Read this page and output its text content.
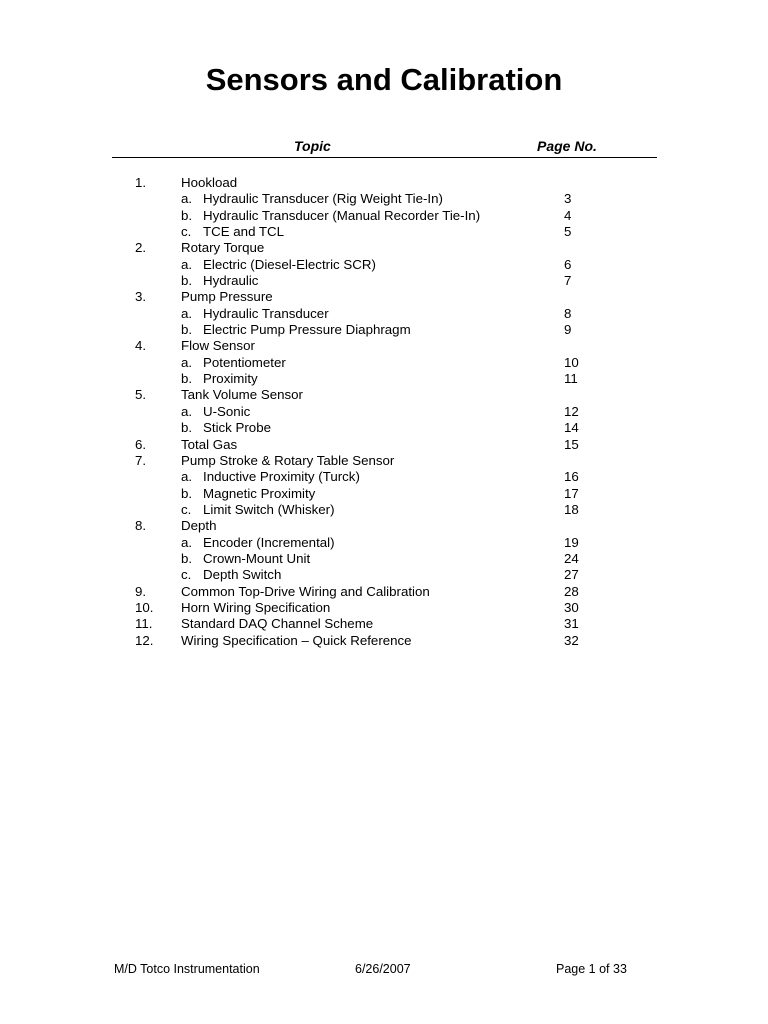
Sensors and Calibration
Topic	Page No.
1.	Hookload
a. Hydraulic Transducer (Rig Weight Tie-In)	3
b. Hydraulic Transducer (Manual Recorder Tie-In)	4
c. TCE and TCL	5
2.	Rotary Torque
a. Electric (Diesel-Electric SCR)	6
b. Hydraulic	7
3.	Pump Pressure
a. Hydraulic Transducer	8
b. Electric Pump Pressure Diaphragm	9
4.	Flow Sensor
a. Potentiometer	10
b. Proximity	11
5.	Tank Volume Sensor
a. U-Sonic	12
b. Stick Probe	14
6.	Total Gas	15
7.	Pump Stroke & Rotary Table Sensor
a. Inductive Proximity (Turck)	16
b. Magnetic Proximity	17
c. Limit Switch (Whisker)	18
8.	Depth
a. Encoder (Incremental)	19
b. Crown-Mount Unit	24
c. Depth Switch	27
9.	Common Top-Drive Wiring and Calibration	28
10. Horn Wiring Specification	30
11. Standard DAQ Channel Scheme	31
12. Wiring Specification – Quick Reference	32
M/D Totco Instrumentation	6/26/2007	Page 1 of 33
